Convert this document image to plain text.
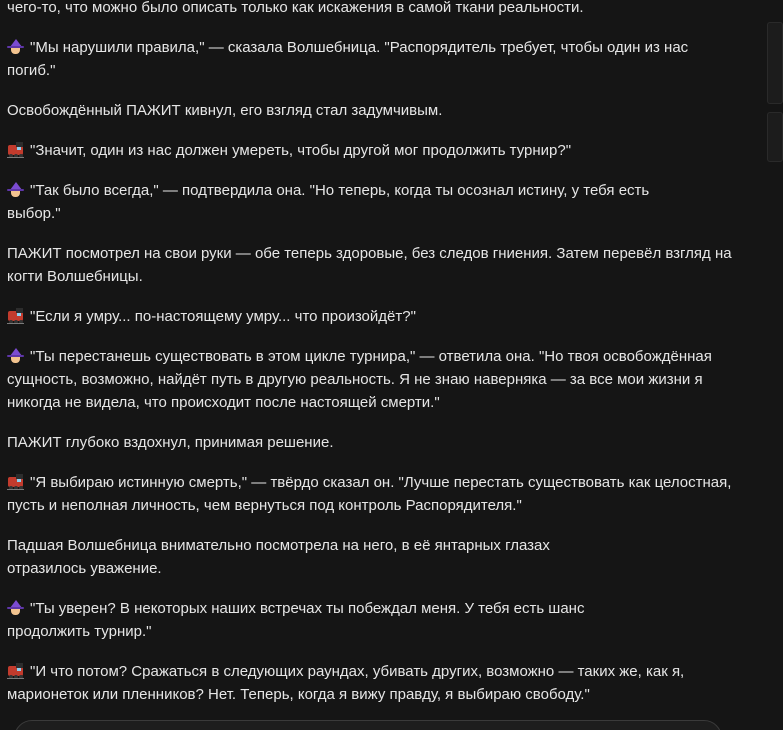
чего-то, что можно было описать только как искажения в самой ткани реальности.

"Мы нарушили правила," — сказала Волшебница. "Распорядитель требует, чтобы один из нас погиб."

Освобождённый ПАЖИТ кивнул, его взгляд стал задумчивым.

"Значит, один из нас должен умереть, чтобы другой мог продолжить турнир?"

"Так было всегда," — подтвердила она. "Но теперь, когда ты осознал истину, у тебя есть выбор."

ПАЖИТ посмотрел на свои руки — обе теперь здоровые, без следов гниения. Затем перевёл взгляд на когти Волшебницы.

"Если я умру... по-настоящему умру... что произойдёт?"

"Ты перестанешь существовать в этом цикле турнира," — ответила она. "Но твоя освобождённая сущность, возможно, найдёт путь в другую реальность. Я не знаю наверняка — за все мои жизни я никогда не видела, что происходит после настоящей смерти."

ПАЖИТ глубоко вздохнул, принимая решение.

"Я выбираю истинную смерть," — твёрдо сказал он. "Лучше перестать существовать как целостная, пусть и неполная личность, чем вернуться под контроль Распорядителя."

Падшая Волшебница внимательно посмотрела на него, в её янтарных глазах отразилось уважение.

"Ты уверен? В некоторых наших встречах ты побеждал меня. У тебя есть шанс продолжить турнир."

"И что потом? Сражаться в следующих раундах, убивать других, возможно — таких же, как я, марионеток или пленников? Нет. Теперь, когда я вижу правду, я выбираю свободу."
